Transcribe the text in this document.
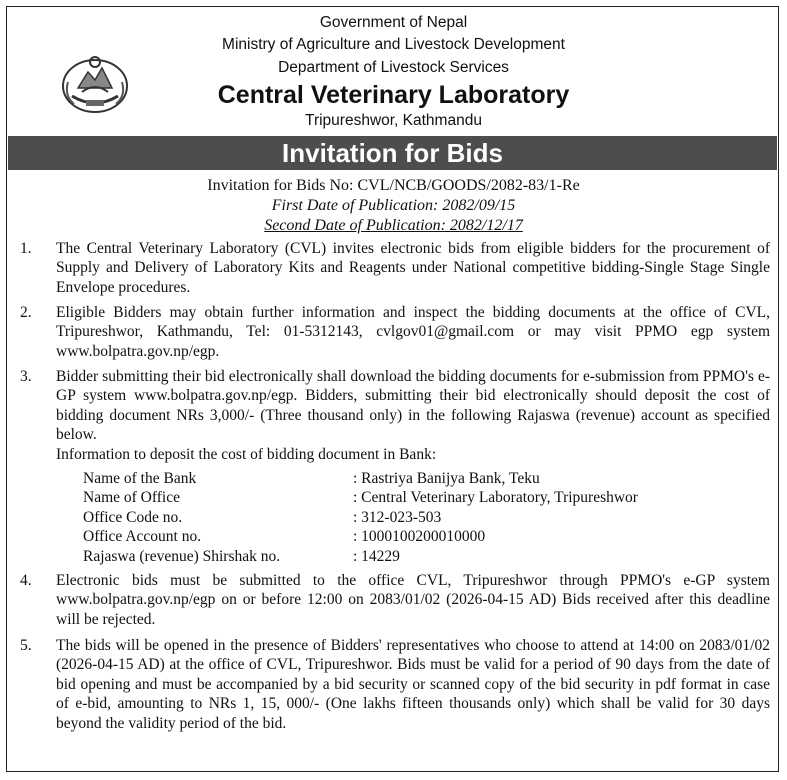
Government of Nepal
Ministry of Agriculture and Livestock Development
Department of Livestock Services
Central Veterinary Laboratory
Tripureshwor, Kathmandu
Invitation for Bids
Invitation for Bids No: CVL/NCB/GOODS/2082-83/1-Re
First Date of Publication: 2082/09/15
Second Date of Publication: 2082/12/17
1.	The Central Veterinary Laboratory (CVL) invites electronic bids from eligible bidders for the procurement of Supply and Delivery of Laboratory Kits and Reagents under National competitive bidding-Single Stage Single Envelope procedures.
2.	Eligible Bidders may obtain further information and inspect the bidding documents at the office of CVL, Tripureshwor, Kathmandu, Tel: 01-5312143, cvlgov01@gmail.com or may visit PPMO egp system www.bolpatra.gov.np/egp.
3.	Bidder submitting their bid electronically shall download the bidding documents for e-submission from PPMO's e-GP system www.bolpatra.gov.np/egp. Bidders, submitting their bid electronically should deposit the cost of bidding document NRs 3,000/- (Three thousand only) in the following Rajaswa (revenue) account as specified below.
Information to deposit the cost of bidding document in Bank:
Name of the Bank	: Rastriya Banijya Bank, Teku
Name of Office	: Central Veterinary Laboratory, Tripureshwor
Office Code no.	: 312-023-503
Office Account no.	: 1000100200010000
Rajaswa (revenue) Shirshak no.	: 14229
4.	Electronic bids must be submitted to the office CVL, Tripureshwor through PPMO's e-GP system www.bolpatra.gov.np/egp on or before 12:00 on 2083/01/02 (2026-04-15 AD) Bids received after this deadline will be rejected.
5.	The bids will be opened in the presence of Bidders' representatives who choose to attend at 14:00 on 2083/01/02 (2026-04-15 AD) at the office of CVL, Tripureshwor. Bids must be valid for a period of 90 days from the date of bid opening and must be accompanied by a bid security or scanned copy of the bid security in pdf format in case of e-bid, amounting to NRs 1, 15, 000/- (One lakhs fifteen thousands only) which shall be valid for 30 days beyond the validity period of the bid.
